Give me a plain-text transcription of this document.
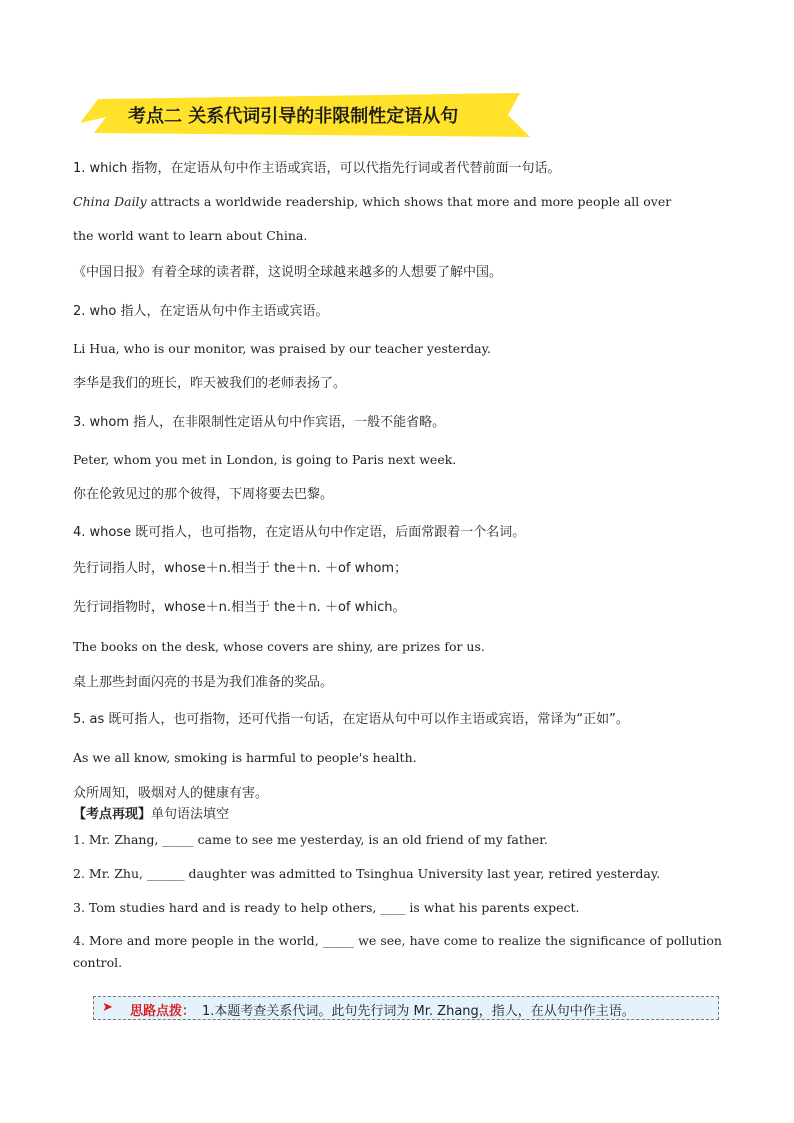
考点二 关系代词引导的非限制性定语从句
1. which 指物，在定语从句中作主语或宾语，可以代指先行词或者代替前面一句话。
China Daily attracts a worldwide readership, which shows that more and more people all over
the world want to learn about China.
《中国日报》有着全球的读者群，这说明全球越来越多的人想要了解中国。
2. who 指人，在定语从句中作主语或宾语。
Li Hua, who is our monitor, was praised by our teacher yesterday.
李华是我们的班长，昨天被我们的老师表扬了。
3. whom 指人，在非限制性定语从句中作宾语，一般不能省略。
Peter, whom you met in London, is going to Paris next week.
你在伦敦见过的那个彼得，下周将要去巴黎。
4. whose 既可指人，也可指物，在定语从句中作定语，后面常跟着一个名词。
先行词指人时，whose＋n.相当于 the＋n. ＋of whom；
先行词指物时，whose＋n.相当于 the＋n. ＋of which。
The books on the desk, whose covers are shiny, are prizes for us.
桌上那些封面闪亮的书是为我们准备的奖品。
5. as 既可指人，也可指物，还可代指一句话，在定语从句中可以作主语或宾语，常译为“正如”。
As we all know, smoking is harmful to people's health.
众所周知，吸烟对人的健康有害。
【考点再现】单句语法填空
1. Mr. Zhang, _____ came to see me yesterday, is an old friend of my father.
2. Mr. Zhu, ______ daughter was admitted to Tsinghua University last year, retired yesterday.
3. Tom studies hard and is ready to help others, ____ is what his parents expect.
4. More and more people in the world, _____ we see, have come to realize the significance of pollution control.
➤ 思路点拨： 1.本题考查关系代词。此句先行词为 Mr. Zhang，指人，在从句中作主语。
